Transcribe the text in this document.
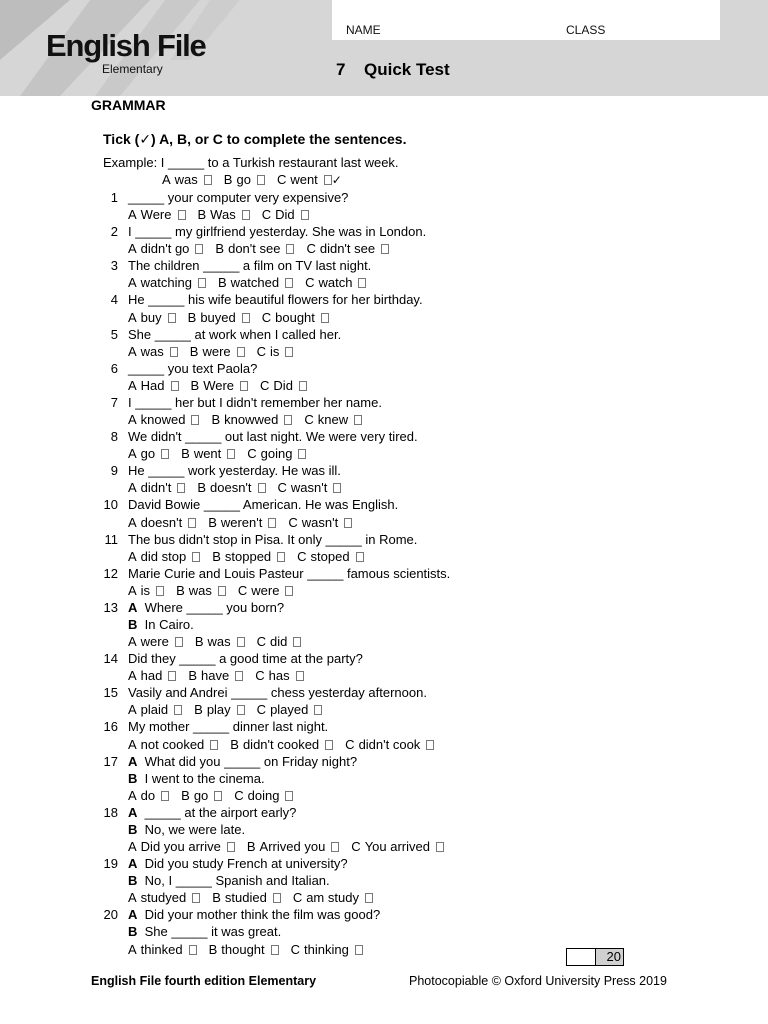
English File
Elementary
NAME	CLASS
7 Quick Test
GRAMMAR
Tick (✓) A, B, or C to complete the sentences.
Example: I _____ to a Turkish restaurant last week.
A was B go C went ✓
1 _____ your computer very expensive?
A Were B Was C Did
2 I _____ my girlfriend yesterday. She was in London.
A didn't go B don't see C didn't see
3 The children _____ a film on TV last night.
A watching B watched C watch
4 He _____ his wife beautiful flowers for her birthday.
A buy B buyed C bought
5 She _____ at work when I called her.
A was B were C is
6 _____ you text Paola?
A Had B Were C Did
7 I _____ her but I didn't remember her name.
A knowed B knowwed C knew
8 We didn't _____ out last night. We were very tired.
A go B went C going
9 He _____ work yesterday. He was ill.
A didn't B doesn't C wasn't
10 David Bowie _____ American. He was English.
A doesn't B weren't C wasn't
11 The bus didn't stop in Pisa. It only _____ in Rome.
A did stop B stopped C stoped
12 Marie Curie and Louis Pasteur _____ famous scientists.
A is B was C were
13 A Where _____ you born?
B In Cairo.
A were B was C did
14 Did they _____ a good time at the party?
A had B have C has
15 Vasily and Andrei _____ chess yesterday afternoon.
A plaid B play C played
16 My mother _____ dinner last night.
A not cooked B didn't cooked C didn't cook
17 A What did you _____ on Friday night?
B I went to the cinema.
A do B go C doing
18 A _____ at the airport early?
B No, we were late.
A Did you arrive B Arrived you C You arrived
19 A Did you study French at university?
B No, I _____ Spanish and Italian.
A studyed B studied C am study
20 A Did your mother think the film was good?
B She _____ it was great.
A thinked B thought C thinking	20
English File fourth edition Elementary	Photocopiable © Oxford University Press 2019
